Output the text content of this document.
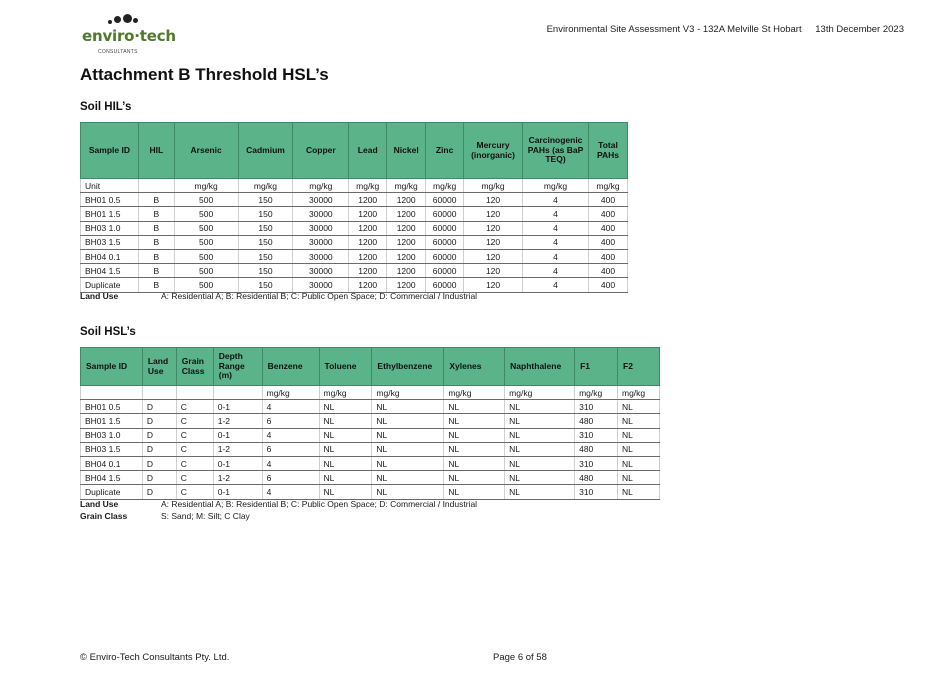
enviro·tech
CONSULTANTS
Environmental Site Assessment V3 - 132A Melville St Hobart 13th December 2023
Attachment B Threshold HSL’s
Soil HIL’s
Sample ID	HIL	Arsenic	Cadmium	Copper	Lead	Nickel	Zinc	Mercury (inorganic)	Carcinogenic PAHs (as BaP TEQ)	Total PAHs
Unit		mg/kg	mg/kg	mg/kg	mg/kg	mg/kg	mg/kg	mg/kg	mg/kg	mg/kg
BH01 0.5	B	500	150	30000	1200	1200	60000	120	4	400
BH01 1.5	B	500	150	30000	1200	1200	60000	120	4	400
BH03 1.0	B	500	150	30000	1200	1200	60000	120	4	400
BH03 1.5	B	500	150	30000	1200	1200	60000	120	4	400
BH04 0.1	B	500	150	30000	1200	1200	60000	120	4	400
BH04 1.5	B	500	150	30000	1200	1200	60000	120	4	400
Duplicate	B	500	150	30000	1200	1200	60000	120	4	400
Land Use	A: Residential A; B: Residential B; C: Public Open Space; D: Commercial / Industrial
Soil HSL’s
Sample ID	Land Use	Grain Class	Depth Range (m)	Benzene	Toluene	Ethylbenzene	Xylenes	Naphthalene	F1	F2
				mg/kg	mg/kg	mg/kg	mg/kg	mg/kg	mg/kg	mg/kg
BH01 0.5	D	C	0-1	4	NL	NL	NL	NL	310	NL
BH01 1.5	D	C	1-2	6	NL	NL	NL	NL	480	NL
BH03 1.0	D	C	0-1	4	NL	NL	NL	NL	310	NL
BH03 1.5	D	C	1-2	6	NL	NL	NL	NL	480	NL
BH04 0.1	D	C	0-1	4	NL	NL	NL	NL	310	NL
BH04 1.5	D	C	1-2	6	NL	NL	NL	NL	480	NL
Duplicate	D	C	0-1	4	NL	NL	NL	NL	310	NL
Land Use	A: Residential A; B: Residential B; C: Public Open Space; D: Commercial / Industrial
Grain Class	S: Sand; M: Silt; C Clay
© Enviro-Tech Consultants Pty. Ltd.	Page 6 of 58
